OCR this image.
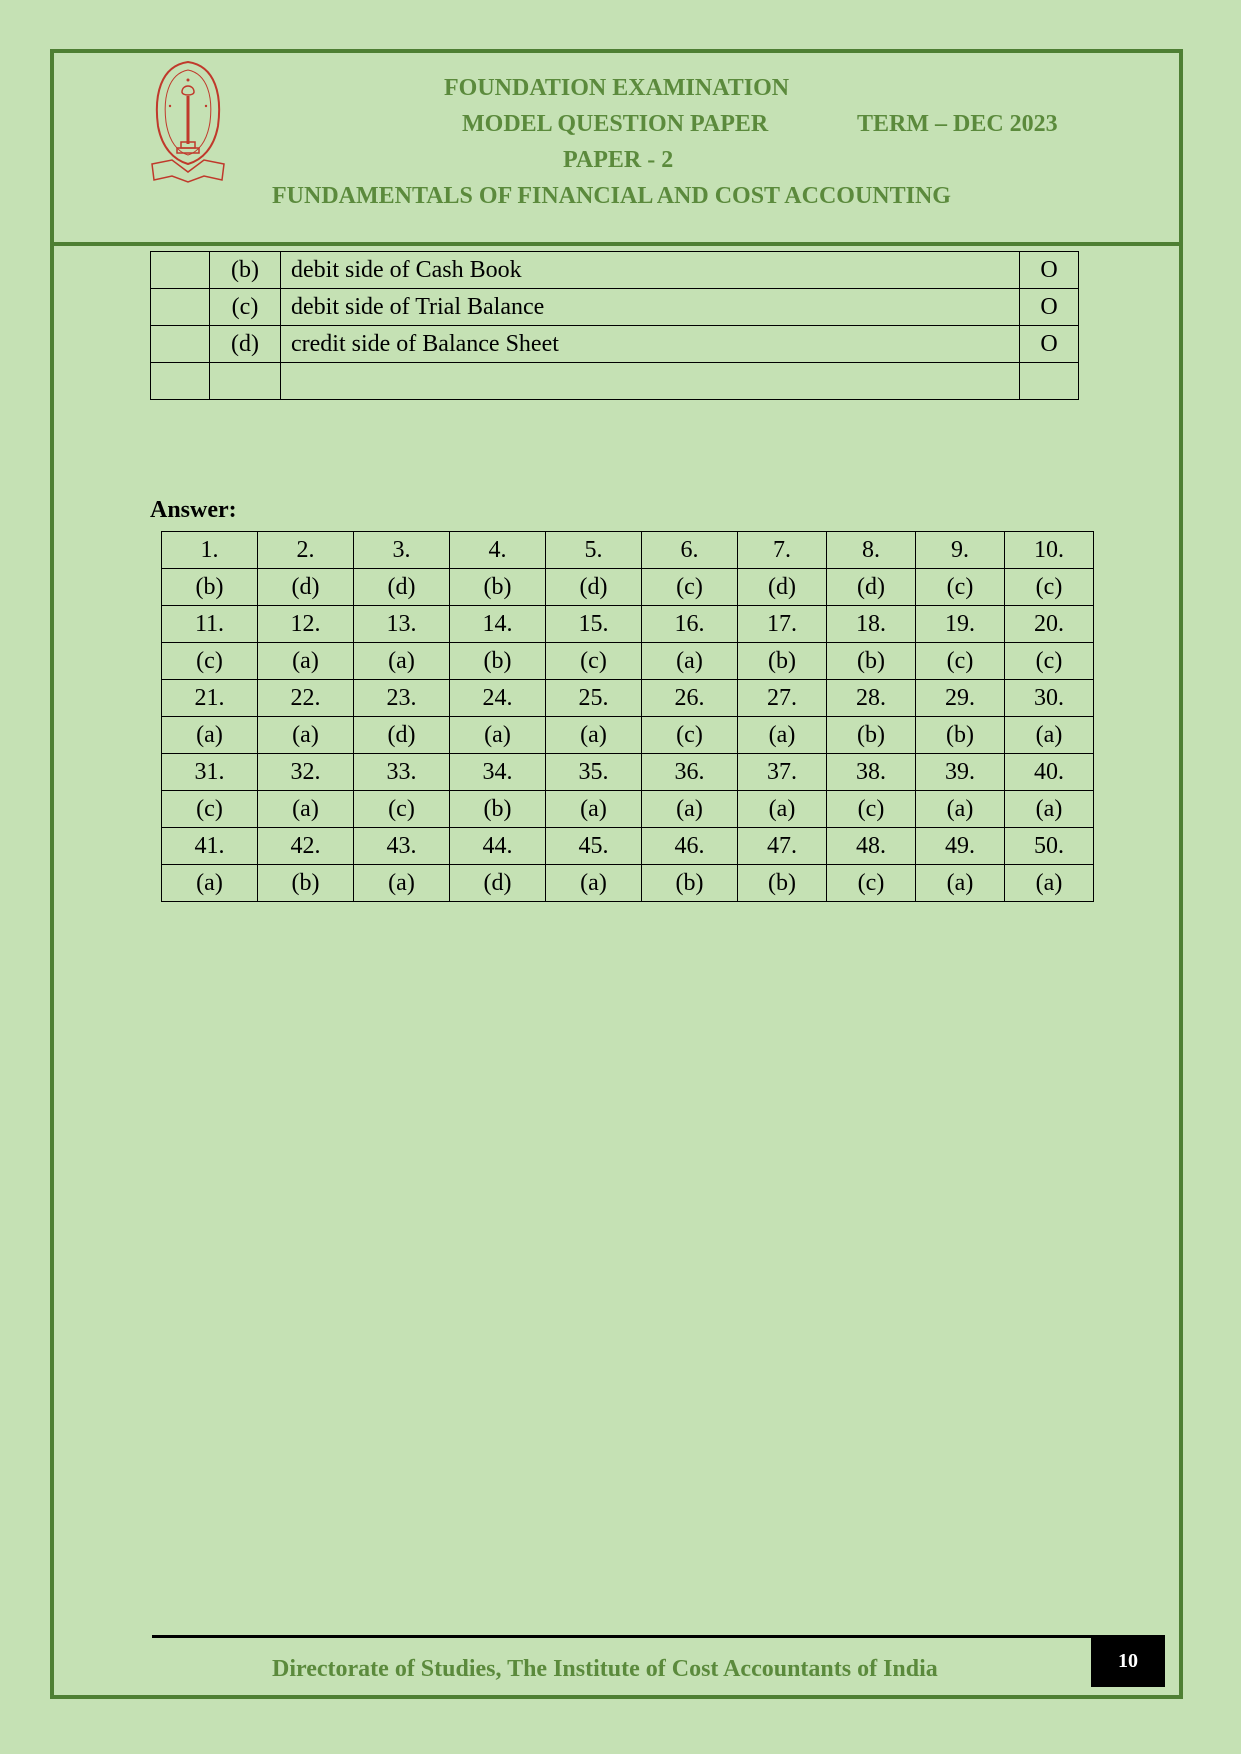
FOUNDATION EXAMINATION
MODEL QUESTION PAPER	TERM – DEC 2023
PAPER - 2
FUNDAMENTALS OF FINANCIAL AND COST ACCOUNTING
	(b)	debit side of Cash Book	O
	(c)	debit side of Trial Balance	O
	(d)	credit side of Balance Sheet	O

Answer:
1.	2.	3.	4.	5.	6.	7.	8.	9.	10.
(b)	(d)	(d)	(b)	(d)	(c)	(d)	(d)	(c)	(c)
11.	12.	13.	14.	15.	16.	17.	18.	19.	20.
(c)	(a)	(a)	(b)	(c)	(a)	(b)	(b)	(c)	(c)
21.	22.	23.	24.	25.	26.	27.	28.	29.	30.
(a)	(a)	(d)	(a)	(a)	(c)	(a)	(b)	(b)	(a)
31.	32.	33.	34.	35.	36.	37.	38.	39.	40.
(c)	(a)	(c)	(b)	(a)	(a)	(a)	(c)	(a)	(a)
41.	42.	43.	44.	45.	46.	47.	48.	49.	50.
(a)	(b)	(a)	(d)	(a)	(b)	(b)	(c)	(a)	(a)
Directorate of Studies, The Institute of Cost Accountants of India	10
